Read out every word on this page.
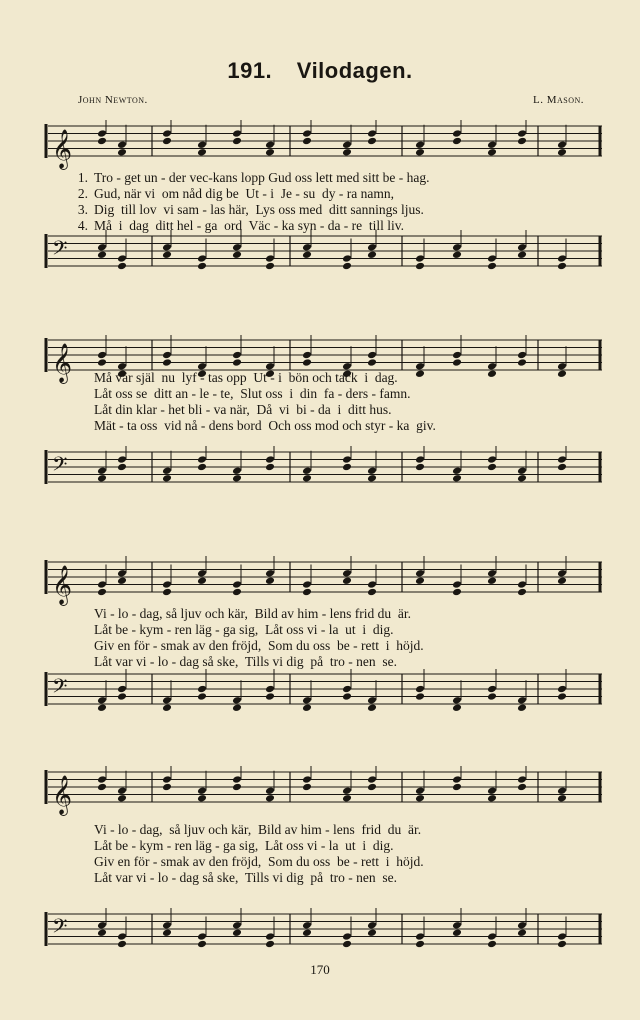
191. Vilodagen.
John Newton.	L. Mason.
𝄞
1. Tro - get un - der vec-kans lopp Gud oss lett med sitt be - hag.
2. Gud, när vi  om nåd dig be  Ut - i  Je - su  dy - ra namn,
3. Dig  till lov  vi sam - las här,  Lys oss med  ditt sannings ljus.
4. Må  i  dag  ditt hel - ga  ord  Väc - ka syn - da - re  till liv.
𝄢
𝄞	Må vår själ  nu  lyf - tas opp  Ut - i  bön och tack  i  dag.
Låt oss se  ditt an - le - te,  Slut oss  i  din  fa - ders - famn.
Låt din klar - het bli - va när,  Då  vi  bi - da  i  ditt hus.
Mät - ta oss  vid nå - dens bord  Och oss mod och styr - ka  giv.
𝄢
𝄞
Vi - lo - dag, så ljuv och kär,  Bild av him - lens frid du  är.
Låt be - kym - ren läg - ga sig,  Låt oss vi - la  ut  i  dig.
Giv en för - smak av den fröjd,  Som du oss  be - rett  i  höjd.
Låt var vi - lo - dag så ske,  Tills vi dig  på  tro - nen  se.
𝄢
𝄞
Vi - lo - dag,  så ljuv och kär,  Bild av him - lens  frid  du  är.
Låt be - kym - ren läg - ga sig,  Låt oss vi - la  ut  i  dig.
Giv en för - smak av den fröjd,  Som du oss  be - rett  i  höjd.
Låt var vi - lo - dag så ske,  Tills vi dig  på  tro - nen  se.
𝄢
170
